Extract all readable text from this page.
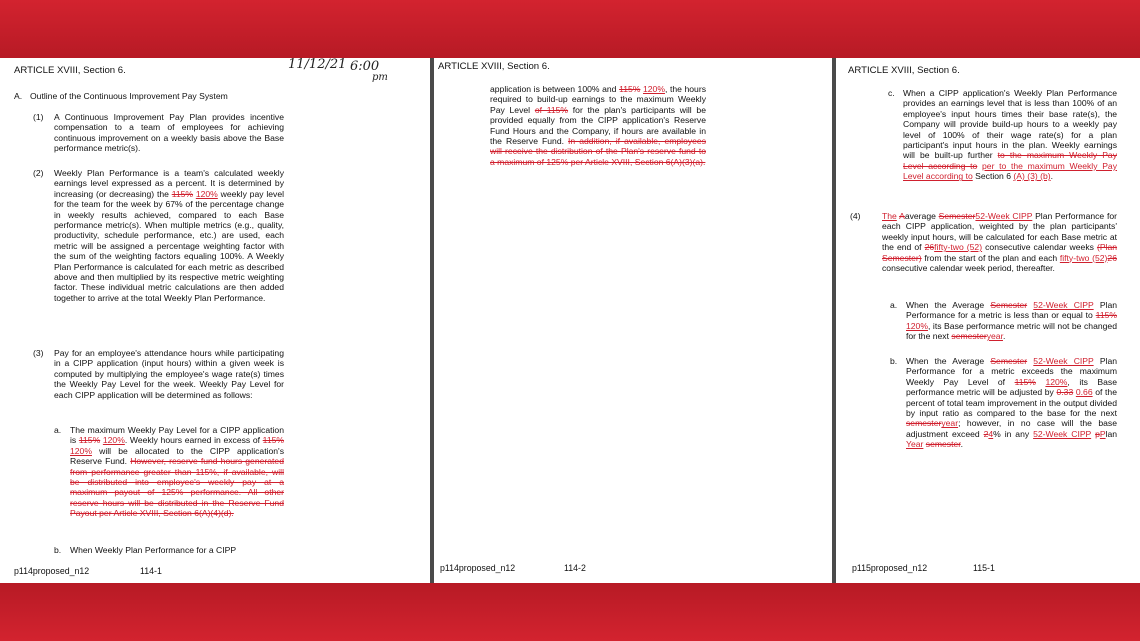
ARTICLE XVIII, Section 6.	11/12/21 6:00
pm
A. Outline of the Continuous Improvement Pay System
(1) A Continuous Improvement Pay Plan provides incentive compensation to a team of employees for achieving continuous improvement on a weekly basis above the Base performance metric(s).
(2) Weekly Plan Performance is a team's calculated weekly earnings level expressed as a percent. It is determined by increasing (or decreasing) the 115% 120% weekly pay level for the team for the week by 67% of the percentage change in weekly results achieved, compared to each Base performance metric(s). When multiple metrics (e.g., quality, productivity, schedule performance, etc.) are used, each metric will be assigned a percentage weighting factor with the sum of the weighting factors equaling 100%. A Weekly Plan Performance is calculated for each metric as described above and then multiplied by its respective metric weighting factor. These individual metric calculations are then added together to arrive at the total Weekly Plan Performance.
(3) Pay for an employee's attendance hours while participating in a CIPP application (input hours) within a given week is computed by multiplying the employee's wage rate(s) times the Weekly Pay Level for the week. Weekly Pay Level for each CIPP application will be determined as follows:
a. The maximum Weekly Pay Level for a CIPP application is 115% 120%. Weekly hours earned in excess of 115% 120% will be allocated to the CIPP application's Reserve Fund. However, reserve fund hours generated from performance greater than 115%, if available, will be distributed into employee's weekly pay at a maximum payout of 125% performance. All other reserve hours will be distributed in the Reserve Fund Payout per Article XVIII, Section 6(A)(4)(d).
b. When Weekly Plan Performance for a CIPP
p114proposed_n12	114-1
ARTICLE XVIII, Section 6.
application is between 100% and 115% 120%, the hours required to build-up earnings to the maximum Weekly Pay Level of 115% for the plan's participants will be provided equally from the CIPP application's Reserve Fund Hours and the Company, if hours are available in the Reserve Fund. In addition, if available, employees will receive the distribution of the Plan's reserve fund to a maximum of 125% per Article XVIII, Section 6(A)(3)(a).
p114proposed_n12	114-2
ARTICLE XVIII, Section 6.
c. When a CIPP application's Weekly Plan Performance provides an earnings level that is less than 100% of an employee's input hours times their base rate(s), the Company will provide build-up hours to a weekly pay level of 100% of their wage rate(s) for a plan participant's input hours in the plan. Weekly earnings will be built-up further to the maximum Weekly Pay Level according to per to the maximum Weekly Pay Level according to Section 6 (A) (3) (b).
(4) The Aaverage Semester52-Week CIPP Plan Performance for each CIPP application, weighted by the plan participants' weekly input hours, will be calculated for each Base metric at the end of 26fifty-two (52) consecutive calendar weeks (Plan Semester) from the start of the plan and each fifty-two (52)26 consecutive calendar week period, thereafter.
a. When the Average Semester 52-Week CIPP Plan Performance for a metric is less than or equal to 115% 120%, its Base performance metric will not be changed for the next semesteryear.
b. When the Average Semester 52-Week CIPP Plan Performance for a metric exceeds the maximum Weekly Pay Level of 115% 120%, its Base performance metric will be adjusted by 0.33 0.66 of the percent of total team improvement in the output divided by input ratio as compared to the base for the next semesteryear; however, in no case will the base adjustment exceed 24% in any 52-Week CIPP pPlan Year semester.
p115proposed_n12	115-1
